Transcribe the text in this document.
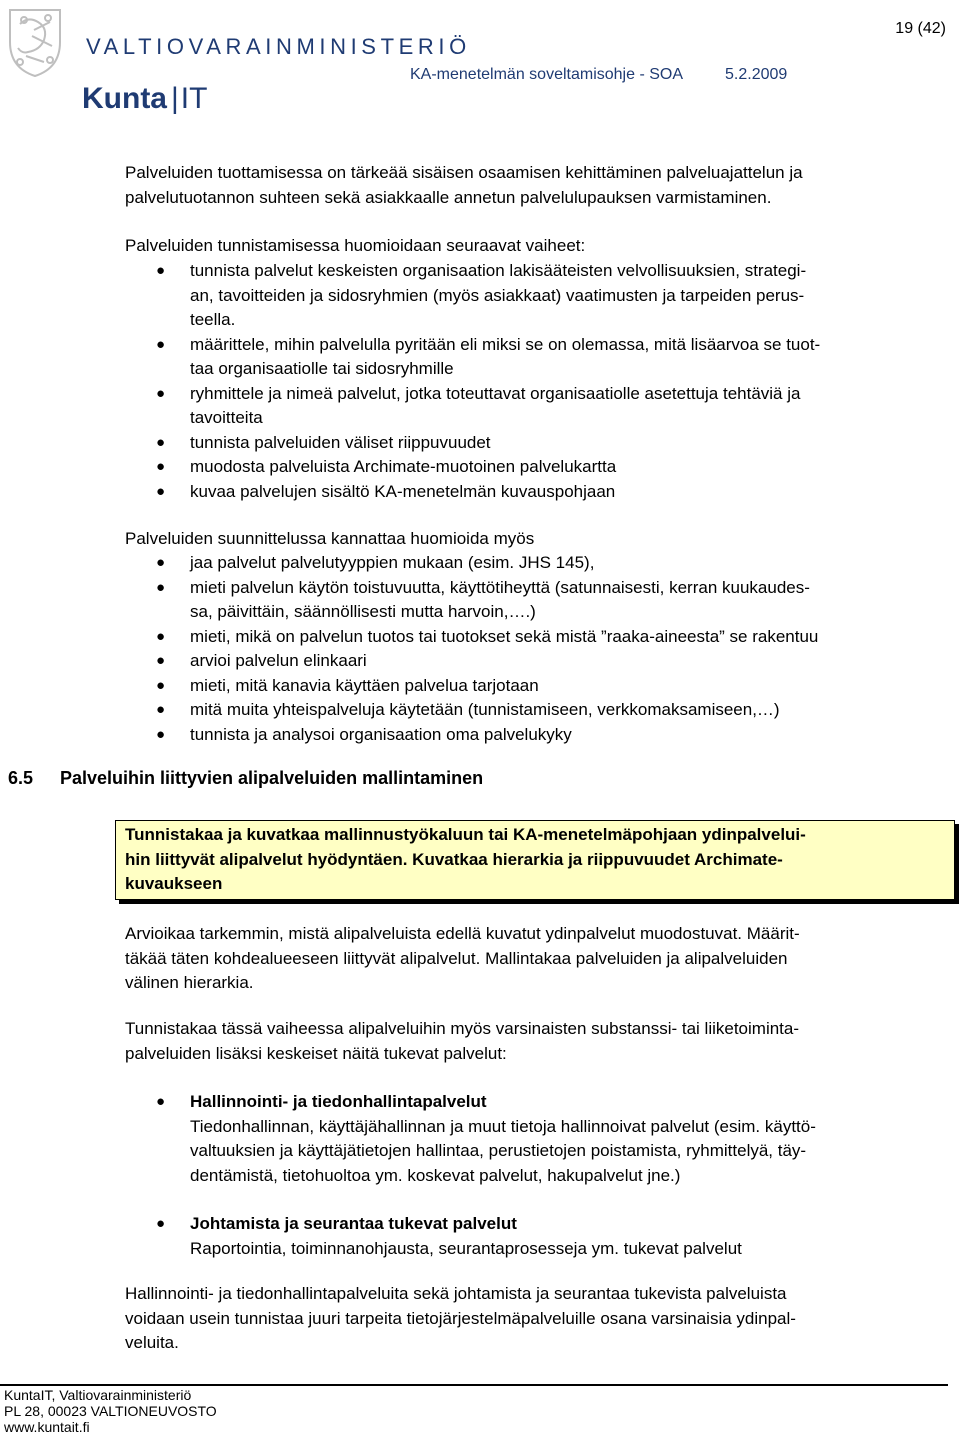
VALTIOVARAINMINISTERIÖ
KA-menetelmän soveltamisohje - SOA	5.2.2009
Kunta |IT
19 (42)
Palveluiden tuottamisessa on tärkeää sisäisen osaamisen kehittäminen palveluajattelun ja
palvelutuotannon suhteen sekä asiakkaalle annetun palvelulupauksen varmistaminen.
Palveluiden tunnistamisessa huomioidaan seuraavat vaiheet:
● tunnista palvelut keskeisten organisaation lakisääteisten velvollisuuksien, strategi-
an, tavoitteiden ja sidosryhmien (myös asiakkaat) vaatimusten ja tarpeiden perus-
teella.
● määrittele, mihin palvelulla pyritään eli miksi se on olemassa, mitä lisäarvoa se tuot-
taa organisaatiolle tai sidosryhmille
● ryhmittele ja nimeä palvelut, jotka toteuttavat organisaatiolle asetettuja tehtäviä ja
tavoitteita
● tunnista palveluiden väliset riippuvuudet
● muodosta palveluista Archimate-muotoinen palvelukartta
● kuvaa palvelujen sisältö KA-menetelmän kuvauspohjaan
Palveluiden suunnittelussa kannattaa huomioida myös
● jaa palvelut palvelutyyppien mukaan (esim. JHS 145),
● mieti palvelun käytön toistuvuutta, käyttötiheyttä (satunnaisesti, kerran kuukaudes-
sa, päivittäin, säännöllisesti mutta harvoin,….)
● mieti, mikä on palvelun tuotos tai tuotokset sekä mistä ”raaka-aineesta” se rakentuu
● arvioi palvelun elinkaari
● mieti, mitä kanavia käyttäen palvelua tarjotaan
● mitä muita yhteispalveluja käytetään (tunnistamiseen, verkkomaksamiseen,…)
● tunnista ja analysoi organisaation oma palvelukyky
6.5 Palveluihin liittyvien alipalveluiden mallintaminen
Tunnistakaa ja kuvatkaa mallinnustyökaluun tai KA-menetelmäpohjaan ydinpalvelui-
hin liittyvät alipalvelut hyödyntäen. Kuvatkaa hierarkia ja riippuvuudet Archimate-
kuvaukseen
Arvioikaa tarkemmin, mistä alipalveluista edellä kuvatut ydinpalvelut muodostuvat. Määrit-
täkää täten kohdealueeseen liittyvät alipalvelut. Mallintakaa palveluiden ja alipalveluiden
välinen hierarkia.
Tunnistakaa tässä vaiheessa alipalveluihin myös varsinaisten substanssi- tai liiketoiminta-
palveluiden lisäksi keskeiset näitä tukevat palvelut:
● Hallinnointi- ja tiedonhallintapalvelut
Tiedonhallinnan, käyttäjähallinnan ja muut tietoja hallinnoivat palvelut (esim. käyttö-
valtuuksien ja käyttäjätietojen hallintaa, perustietojen poistamista, ryhmittelyä, täy-
dentämistä, tietohuoltoa ym. koskevat palvelut, hakupalvelut jne.)
● Johtamista ja seurantaa tukevat palvelut
Raportointia, toiminnanohjausta, seurantaprosesseja ym. tukevat palvelut
Hallinnointi- ja tiedonhallintapalveluita sekä johtamista ja seurantaa tukevista palveluista
voidaan usein tunnistaa juuri tarpeita tietojärjestelmäpalveluille osana varsinaisia ydinpal-
veluita.
KuntaIT, Valtiovarainministeriö
PL 28, 00023 VALTIONEUVOSTO
www.kuntait.fi
